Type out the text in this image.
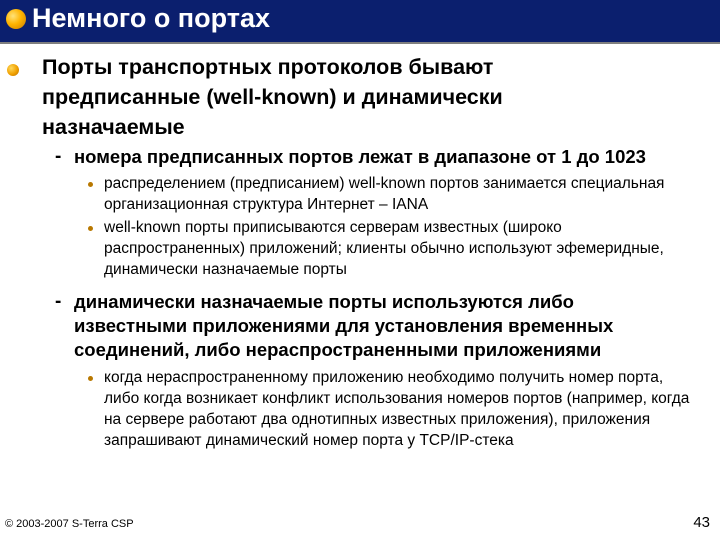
Немного о портах
Порты транспортных протоколов бывают предписанные (well-known) и динамически назначаемые
- номера предписанных портов лежат в диапазоне от 1 до 1023
распределением (предписанием) well-known портов занимается специальная организационная структура Интернет – IANA
well-known порты приписываются серверам известных (широко распространенных) приложений; клиенты обычно используют эфемеридные, динамически назначаемые порты
- динамически назначаемые порты используются либо известными приложениями для установления временных соединений, либо нераспространенными приложениями
когда нераспространенному приложению необходимо получить номер порта, либо когда возникает конфликт использования номеров портов (например, когда на сервере работают два однотипных известных приложения), приложения запрашивают динамический номер порта у TCP/IP-стека
© 2003-2007 S-Terra CSP	43
